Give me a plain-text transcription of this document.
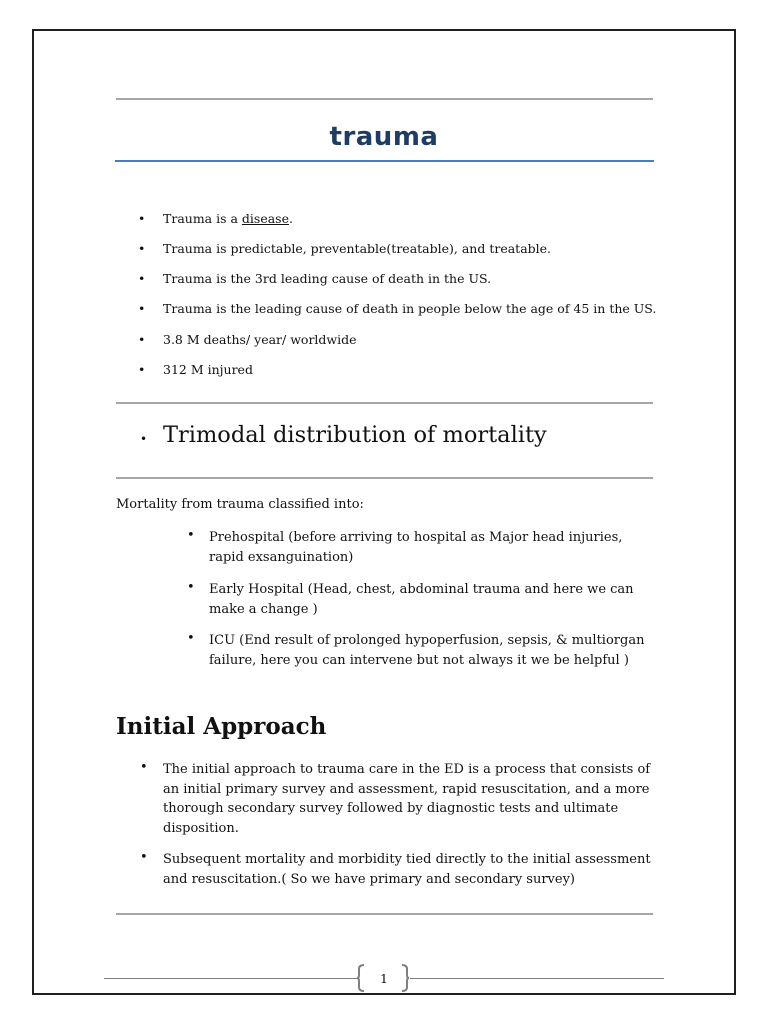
trauma
• Trauma is a disease.
• Trauma is predictable, preventable(treatable), and treatable.
• Trauma is the 3rd leading cause of death in the US.
• Trauma is the leading cause of death in people below the age of 45 in the US.
• 3.8 M deaths/ year/ worldwide
• 312 M injured
• Trimodal distribution of mortality
Mortality from trauma classified into:
• Prehospital (before arriving to hospital as Major head injuries,
rapid exsanguination)
• Early Hospital (Head, chest, abdominal trauma and here we can
make a change )
• ICU (End result of prolonged hypoperfusion, sepsis, & multiorgan
failure, here you can intervene but not always it we be helpful )
Initial Approach
• The initial approach to trauma care in the ED is a process that consists of
an initial primary survey and assessment, rapid resuscitation, and a more
thorough secondary survey followed by diagnostic tests and ultimate
disposition.
• Subsequent mortality and morbidity tied directly to the initial assessment
and resuscitation.( So we have primary and secondary survey)
1
